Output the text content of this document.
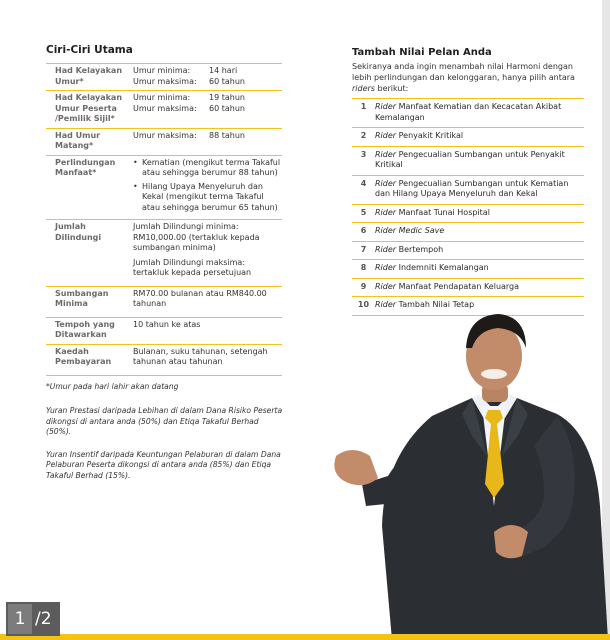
Ciri-Ciri Utama
Had Kelayakan Umur*	Umur minima: 14 hari
Umur maksima: 60 tahun

Had Kelayakan Umur Peserta /Pemilik Sijil*	Umur minima: 19 tahun
Umur maksima: 60 tahun

Had Umur Matang*	Umur maksima: 88 tahun

Perlindungan Manfaat*	• Kematian (mengikut terma Takaful atau sehingga berumur 88 tahun)
• Hilang Upaya Menyeluruh dan Kekal (mengikut terma Takaful atau sehingga berumur 65 tahun)

Jumlah Dilindungi	Jumlah Dilindungi minima: RM10,000.00 (tertakluk kepada sumbangan minima)
Jumlah Dilindungi maksima: tertakluk kepada persetujuan

Sumbangan Minima	RM70.00 bulanan atau RM840.00 tahunan

Tempoh yang Ditawarkan	10 tahun ke atas

Kaedah Pembayaran	Bulanan, suku tahunan, setengah tahunan atau tahunan

*Umur pada hari lahir akan datang

Yuran Prestasi daripada Lebihan di dalam Dana Risiko Peserta dikongsi di antara anda (50%) dan Etiqa Takaful Berhad (50%).

Yuran Insentif daripada Keuntungan Pelaburan di dalam Dana Pelaburan Peserta dikongsi di antara anda (85%) dan Etiqa Takaful Berhad (15%).

Tambah Nilai Pelan Anda

Sekiranya anda ingin menambah nilai Harmoni dengan lebih perlindungan dan kelonggaran, hanya pilih antara riders berikut:

1	Rider Manfaat Kematian dan Kecacatan Akibat Kemalangan
2	Rider Penyakit Kritikal
3	Rider Pengecualian Sumbangan untuk Penyakit Kritikal
4	Rider Pengecualian Sumbangan untuk Kematian dan Hilang Upaya Menyeluruh dan Kekal
5	Rider Manfaat Tunai Hospital
6	Rider Medic Save
7	Rider Bertempoh
8	Rider Indemniti Kemalangan
9	Rider Manfaat Pendapatan Keluarga
10 Rider Tambah Nilai Tetap
1 /2
